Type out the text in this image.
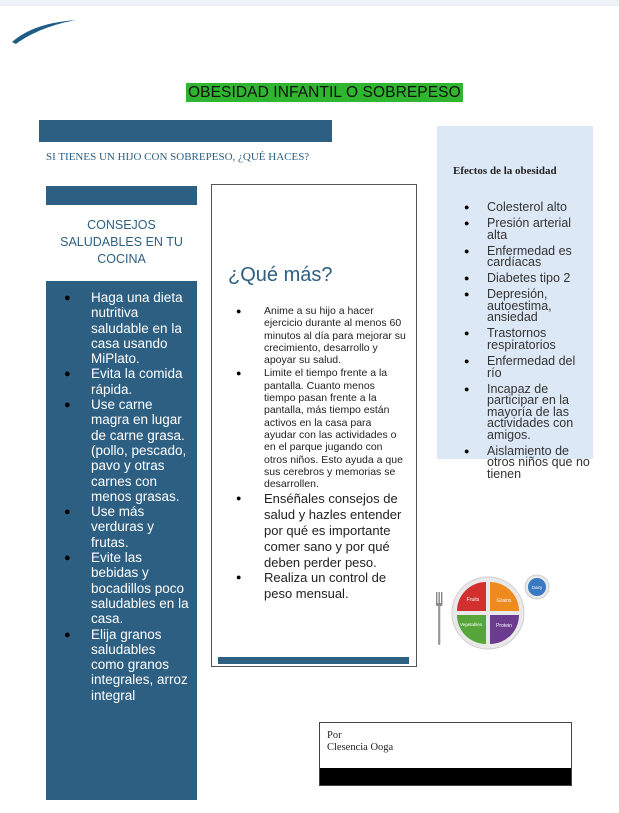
OBESIDAD INFANTIL O SOBREPESO
SI TIENES UN HIJO CON SOBREPESO, ¿QUÉ HACES?
CONSEJOS SALUDABLES EN TU COCINA
● Haga una dieta nutritiva saludable en la casa usando MiPlato.
● Evita la comida rápida.
● Use carne magra en lugar de carne grasa. (pollo, pescado, pavo y otras carnes con menos grasas.
● Use más verduras y frutas.
● Evite las bebidas y bocadillos poco saludables en la casa.
● Elija granos saludables como granos integrales, arroz integral
¿Qué más?
● Anime a su hijo a hacer ejercicio durante al menos 60 minutos al día para mejorar su crecimiento, desarrollo y apoyar su salud.
● Limite el tiempo frente a la pantalla. Cuanto menos tiempo pasan frente a la pantalla, más tiempo están activos en la casa para ayudar con las actividades o en el parque jugando con otros niños. Esto ayuda a que sus cerebros y memorias se desarrollen.
● Enséñales consejos de salud y hazles entender por qué es importante comer sano y por qué deben perder peso.
● Realiza un control de peso mensual.
Efectos de la obesidad
● Colesterol alto
● Presión arterial alta
● Enfermedad es cardíacas
● Diabetes tipo 2
● Depresión, autoestima, ansiedad
● Trastornos respiratorios
● Enfermedad del río
● Incapaz de participar en la mayoría de las actividades con amigos.
● Aislamiento de otros niños que no tienen
Fruits	Grains
Vegetables	Protein
Dairy
Por
Clesencia Ooga
